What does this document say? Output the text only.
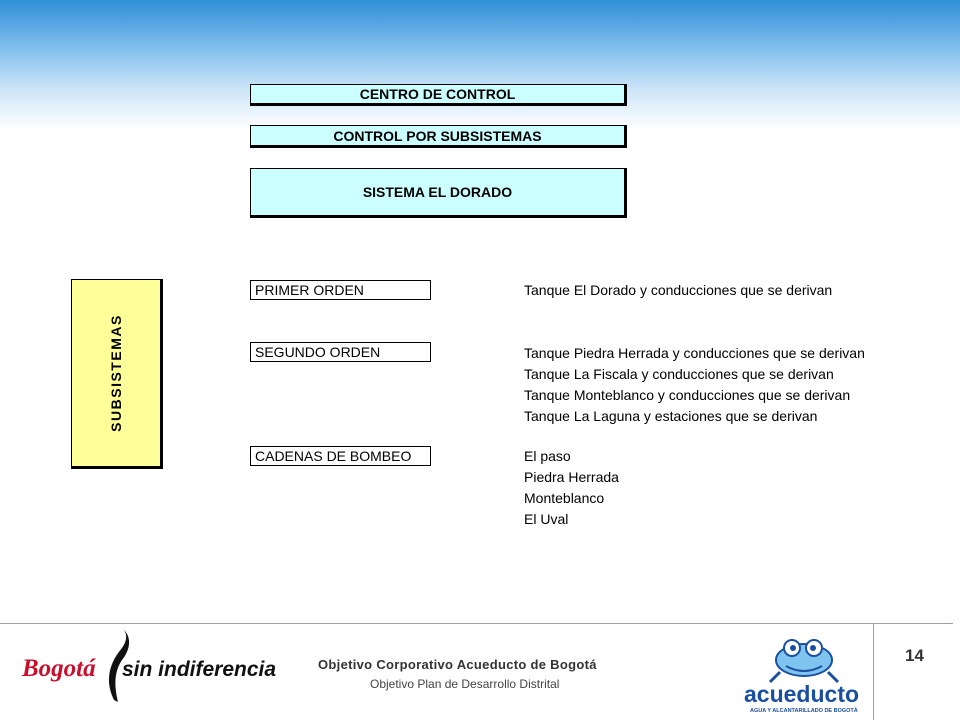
CENTRO DE CONTROL
CONTROL POR SUBSISTEMAS
SISTEMA EL DORADO
SUBSISTEMAS
PRIMER ORDEN
SEGUNDO ORDEN
CADENAS DE BOMBEO
Tanque El Dorado y conducciones que se derivan
Tanque Piedra Herrada y conducciones que se derivan
Tanque La Fiscala y conducciones que se derivan
Tanque Monteblanco y conducciones que se derivan
Tanque La Laguna y estaciones que se derivan
El paso
Piedra Herrada
Monteblanco
El Uval
Bogotá sin indiferencia	Objetivo Corporativo Acueducto de Bogotá
Objetivo Plan de Desarrollo Distrital
14
acueducto
AGUA Y ALCANTARILLADO DE BOGOTÁ
